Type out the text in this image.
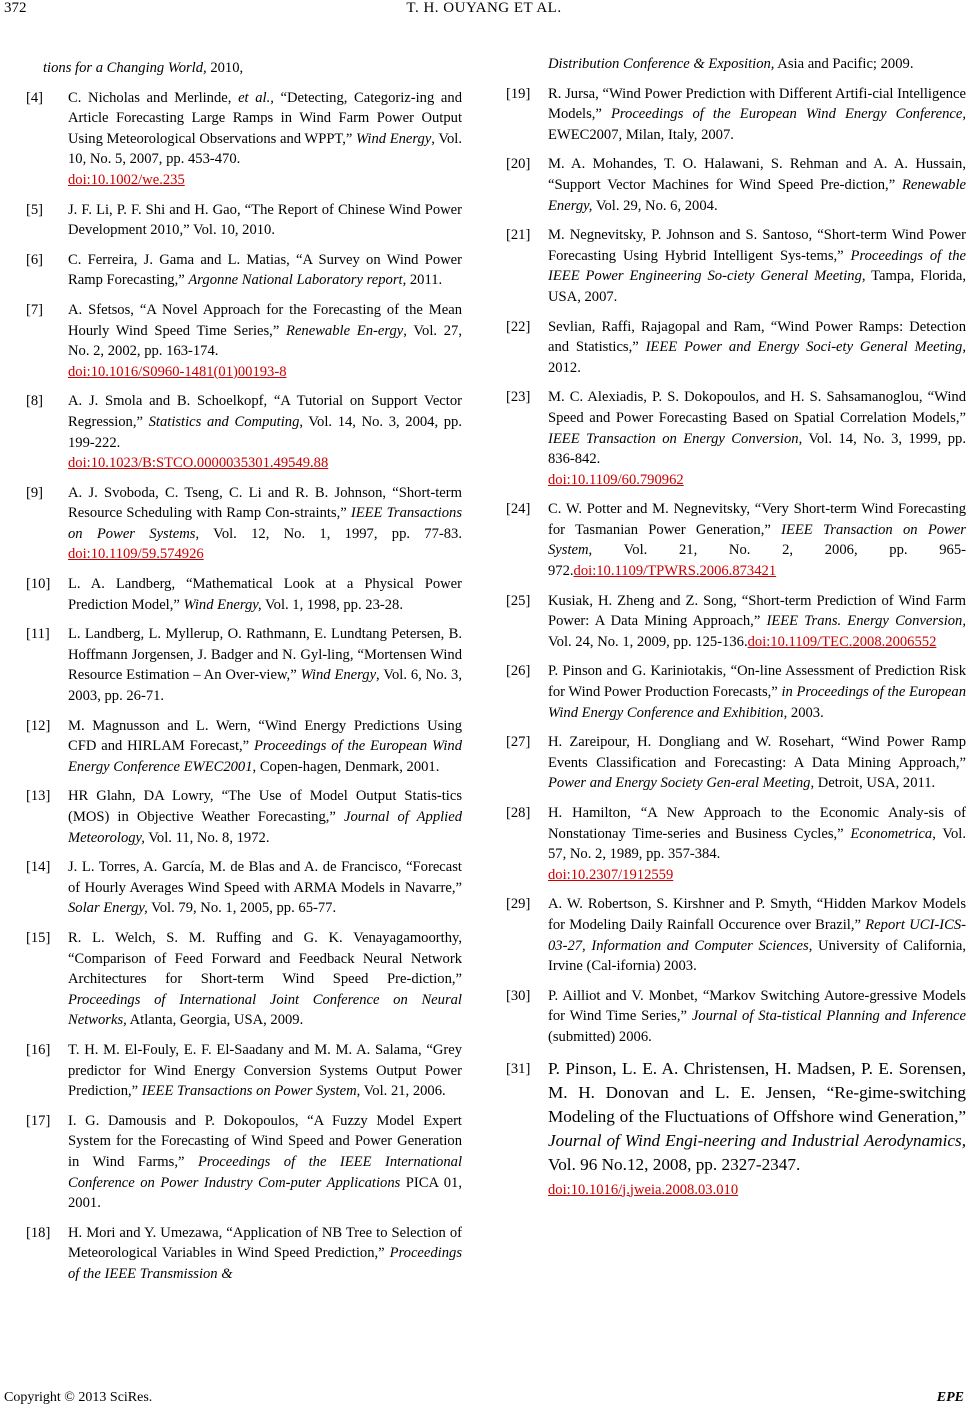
372	T. H. OUYANG ET AL.
tions for a Changing World, 2010,
[4]	C. Nicholas and Merlinde, et al., “Detecting, Categoriz-ing and Article Forecasting Large Ramps in Wind Farm Power Output Using Meteorological Observations and WPPT,” Wind Energy, Vol. 10, No. 5, 2007, pp. 453-470.
doi:10.1002/we.235
[5]	J. F. Li, P. F. Shi and H. Gao, “The Report of Chinese Wind Power Development 2010,” Vol. 10, 2010.
[6]	C. Ferreira, J. Gama and L. Matias, “A Survey on Wind Power Ramp Forecasting,” Argonne National Laboratory report, 2011.
[7]	A. Sfetsos, “A Novel Approach for the Forecasting of the Mean Hourly Wind Speed Time Series,” Renewable En-ergy, Vol. 27, No. 2, 2002, pp. 163-174.
doi:10.1016/S0960-1481(01)00193-8
[8]	A. J. Smola and B. Schoelkopf, “A Tutorial on Support Vector Regression,” Statistics and Computing, Vol. 14, No. 3, 2004, pp. 199-222.
doi:10.1023/B:STCO.0000035301.49549.88
[9]	A. J. Svoboda, C. Tseng, C. Li and R. B. Johnson, “Short-term Resource Scheduling with Ramp Con-straints,” IEEE Transactions on Power Systems, Vol. 12, No. 1, 1997, pp. 77-83. doi:10.1109/59.574926
[10]	L. A. Landberg, “Mathematical Look at a Physical Power Prediction Model,” Wind Energy, Vol. 1, 1998, pp. 23-28.
[11]	L. Landberg, L. Myllerup, O. Rathmann, E. Lundtang Petersen, B. Hoffmann Jorgensen, J. Badger and N. Gyl-ling, “Mortensen Wind Resource Estimation – An Over-view,” Wind Energy, Vol. 6, No. 3, 2003, pp. 26-71.
[12]	M. Magnusson and L. Wern, “Wind Energy Predictions Using CFD and HIRLAM Forecast,” Proceedings of the European Wind Energy Conference EWEC2001, Copen-hagen, Denmark, 2001.
[13]	HR Glahn, DA Lowry, “The Use of Model Output Statis-tics (MOS) in Objective Weather Forecasting,” Journal of Applied Meteorology, Vol. 11, No. 8, 1972.
[14]	J. L. Torres, A. García, M. de Blas and A. de Francisco, “Forecast of Hourly Averages Wind Speed with ARMA Models in Navarre,” Solar Energy, Vol. 79, No. 1, 2005, pp. 65-77.
[15]	R. L. Welch, S. M. Ruffing and G. K. Venayagamoorthy, “Comparison of Feed Forward and Feedback Neural Network Architectures for Short-term Wind Speed Pre-diction,” Proceedings of International Joint Conference on Neural Networks, Atlanta, Georgia, USA, 2009.
[16]	T. H. M. El-Fouly, E. F. El-Saadany and M. M. A. Salama, “Grey predictor for Wind Energy Conversion Systems Output Power Prediction,” IEEE Transactions on Power System, Vol. 21, 2006.
[17]	I. G. Damousis and P. Dokopoulos, “A Fuzzy Model Expert System for the Forecasting of Wind Speed and Power Generation in Wind Farms,” Proceedings of the IEEE International Conference on Power Industry Com-puter Applications PICA 01, 2001.
[18]	H. Mori and Y. Umezawa, “Application of NB Tree to Selection of Meteorological Variables in Wind Speed Prediction,” Proceedings of the IEEE Transmission &
Distribution Conference & Exposition, Asia and Pacific; 2009.
[19]	R. Jursa, “Wind Power Prediction with Different Artifi-cial Intelligence Models,” Proceedings of the European Wind Energy Conference, EWEC2007, Milan, Italy, 2007.
[20]	M. A. Mohandes, T. O. Halawani, S. Rehman and A. A. Hussain, “Support Vector Machines for Wind Speed Pre-diction,” Renewable Energy, Vol. 29, No. 6, 2004.
[21]	M. Negnevitsky, P. Johnson and S. Santoso, “Short-term Wind Power Forecasting Using Hybrid Intelligent Sys-tems,” Proceedings of the IEEE Power Engineering So-ciety General Meeting, Tampa, Florida, USA, 2007.
[22]	Sevlian, Raffi, Rajagopal and Ram, “Wind Power Ramps: Detection and Statistics,” IEEE Power and Energy Soci-ety General Meeting, 2012.
[23]	M. C. Alexiadis, P. S. Dokopoulos, and H. S. Sahsamanoglou, “Wind Speed and Power Forecasting Based on Spatial Correlation Models,” IEEE Transaction on Energy Conversion, Vol. 14, No. 3, 1999, pp. 836-842.
doi:10.1109/60.790962
[24]	C. W. Potter and M. Negnevitsky, “Very Short-term Wind Forecasting for Tasmanian Power Generation,” IEEE Transaction on Power System, Vol. 21, No. 2, 2006, pp. 965-972.doi:10.1109/TPWRS.2006.873421
[25]	Kusiak, H. Zheng and Z. Song, “Short-term Prediction of Wind Farm Power: A Data Mining Approach,” IEEE Trans. Energy Conversion, Vol. 24, No. 1, 2009, pp. 125-136.doi:10.1109/TEC.2008.2006552
[26]	P. Pinson and G. Kariniotakis, “On-line Assessment of Prediction Risk for Wind Power Production Forecasts,” in Proceedings of the European Wind Energy Conference and Exhibition, 2003.
[27]	H. Zareipour, H. Dongliang and W. Rosehart, “Wind Power Ramp Events Classification and Forecasting: A Data Mining Approach,” Power and Energy Society Gen-eral Meeting, Detroit, USA, 2011.
[28]	H. Hamilton, “A New Approach to the Economic Analy-sis of Nonstationay Time-series and Business Cycles,” Econometrica, Vol. 57, No. 2, 1989, pp. 357-384.
doi:10.2307/1912559
[29]	A. W. Robertson, S. Kirshner and P. Smyth, “Hidden Markov Models for Modeling Daily Rainfall Occurence over Brazil,” Report UCI-ICS-03-27, Information and Computer Sciences, University of California, Irvine (Cal-ifornia) 2003.
[30]	P. Ailliot and V. Monbet, “Markov Switching Autore-gressive Models for Wind Time Series,” Journal of Sta-tistical Planning and Inference (submitted) 2006.
[31]	P. Pinson, L. E. A. Christensen, H. Madsen, P. E. Sorensen, M. H. Donovan and L. E. Jensen, “Re-gime-switching Modeling of the Fluctuations of Offshore wind Generation,” Journal of Wind Engi-neering and Industrial Aerodynamics, Vol. 96 No.12, 2008, pp. 2327-2347.
doi:10.1016/j.jweia.2008.03.010
Copyright © 2013 SciRes.	EPE
